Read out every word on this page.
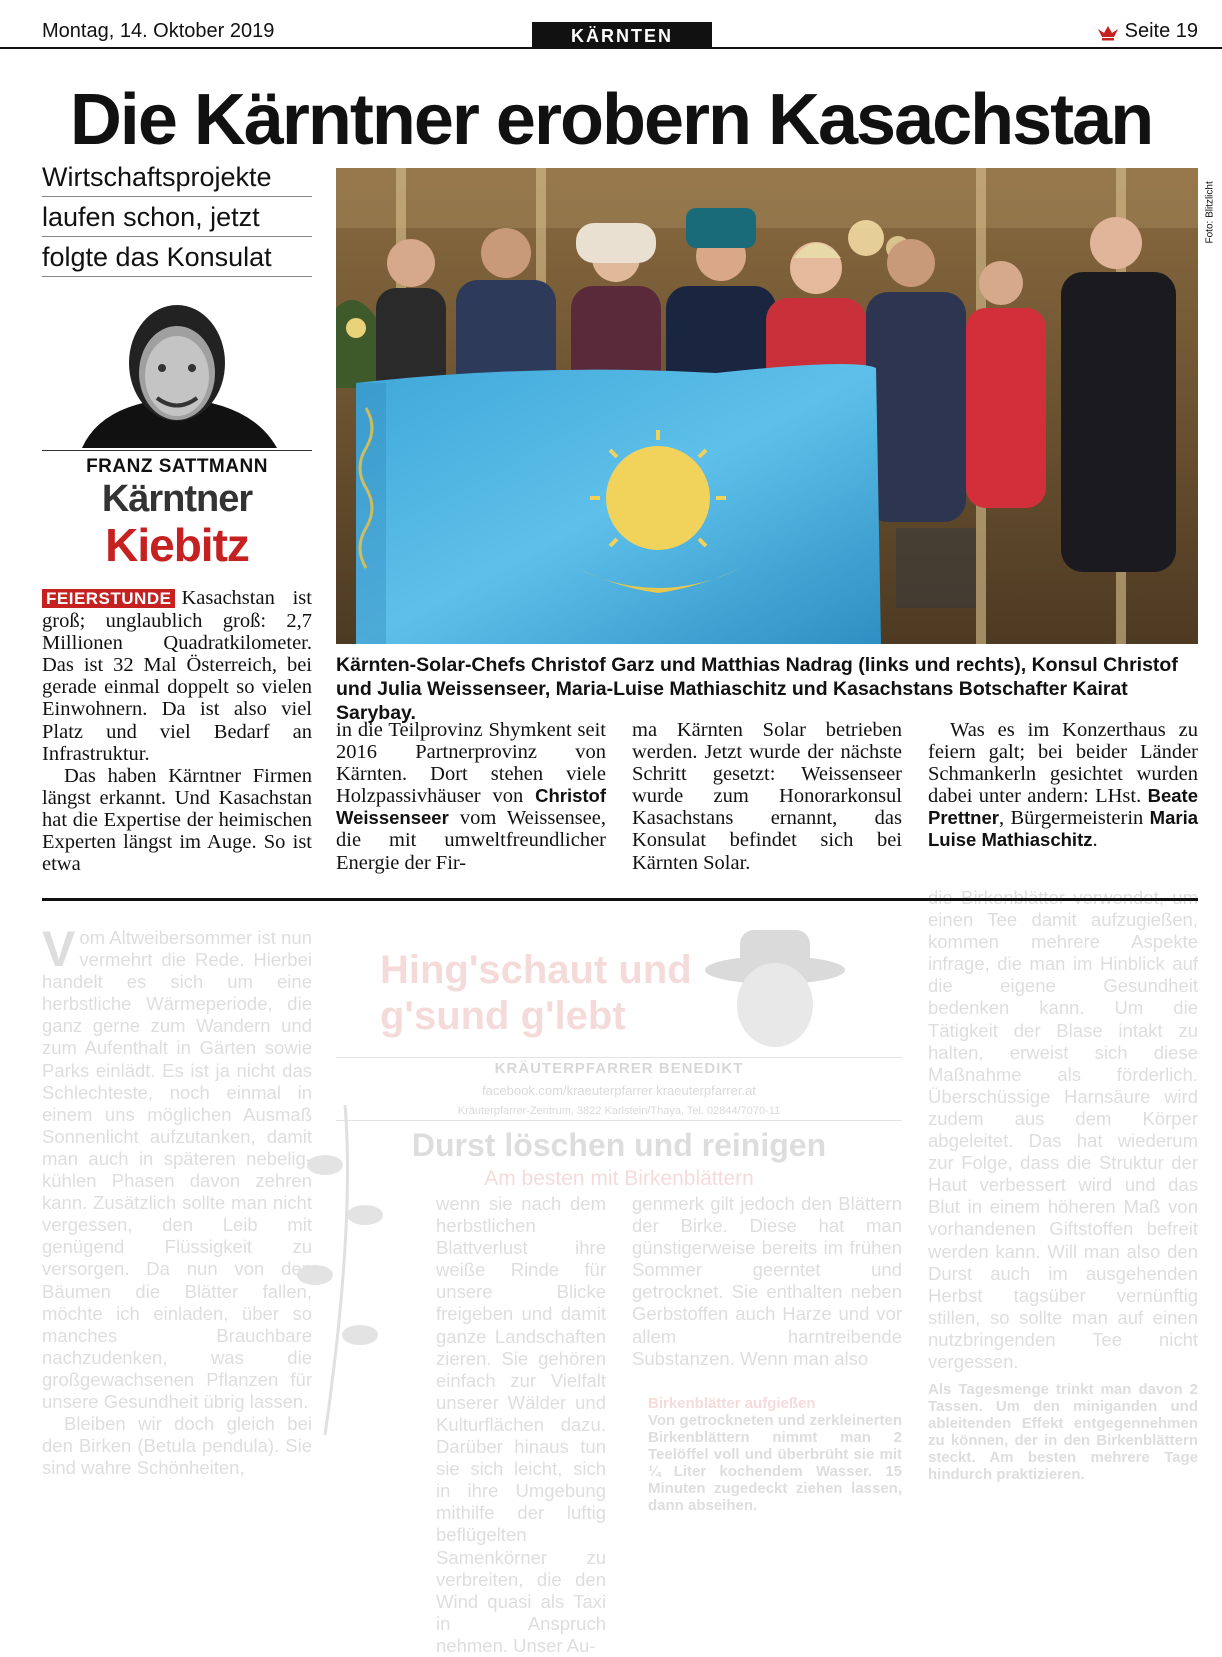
Montag, 14. Oktober 2019	KÄRNTEN	Seite 19
Die Kärntner erobern Kasachstan
Wirtschaftsprojekte
laufen schon, jetzt
folgte das Konsulat
Foto: Blitzlicht
Kärnten-Solar-Chefs Christof Garz und Matthias Nadrag (links und rechts), Konsul Christof und Julia Weissenseer, Maria-Luise Mathiaschitz und Kasachstans Botschafter Kairat Sarybay.
FRANZ SATTMANN
Kärntner
Kiebitz

FEIERSTUNDE Kasachstan ist groß; unglaublich groß: 2,7 Millionen Quadratkilometer. Das ist 32 Mal Österreich, bei gerade einmal doppelt so vielen Einwohnern. Da ist also viel Platz und viel Bedarf an Infrastruktur.

Das haben Kärntner Firmen längst erkannt. Und Kasachstan hat die Expertise der heimischen Experten längst im Auge. So ist etwa

in die Teilprovinz Shymkent seit 2016 Partnerprovinz von Kärnten. Dort stehen viele Holzpassivhäuser von Christof Weissenseer vom Weissensee, die mit umweltfreundlicher Energie der Fir-

ma Kärnten Solar betrieben werden. Jetzt wurde der nächste Schritt gesetzt: Weissenseer wurde zum Honorarkonsul Kasachstans ernannt, das Konsulat befindet sich bei Kärnten Solar.

Was es im Konzerthaus zu feiern galt; bei beider Länder Schmankerln gesichtet wurden dabei unter andern: LHst. Beate Prettner, Bürgermeisterin Maria Luise Mathiaschitz.

Vom Altweibersommer ist nun vermehrt die Rede. Hierbei handelt es sich um eine herbstliche Wärmeperiode, die ganz gerne zum Wandern und zum Aufenthalt in Gärten sowie Parks einlädt. Es ist ja nicht das Schlechteste, noch einmal in einem uns möglichen Ausmaß Sonnenlicht aufzutanken, damit man auch in späteren nebelig-kühlen Phasen davon zehren kann. Zusätzlich sollte man nicht vergessen, den Leib mit genügend Flüssigkeit zu versorgen. Da nun von den Bäumen die Blätter fallen, möchte ich einladen, über so manches Brauchbare nachzudenken, was die großgewachsenen Pflanzen für unsere Gesundheit übrig lassen.

Bleiben wir doch gleich bei den Birken (Betula pendula). Sie sind wahre Schönheiten,

Hing'schaut und
g'sund g'lebt
KRÄUTERPFARRER BENEDIKT
facebook.com/kraeuterpfarrer kraeuterpfarrer.at
Kräuterpfarrer-Zentrum, 3822 Karlstein/Thaya, Tel. 02844/7070-11
Durst löschen und reinigen
Am besten mit Birkenblättern

wenn sie nach dem herbstlichen Blattverlust ihre weiße Rinde für unsere Blicke freigeben und damit ganze Landschaften zieren. Sie gehören einfach zur Vielfalt unserer Wälder und Kulturflächen dazu. Darüber hinaus tun sie sich leicht, sich in ihre Umgebung mithilfe der luftig beflügelten Samenkörner zu verbreiten, die den Wind quasi als Taxi in Anspruch nehmen. Unser Au-

genmerk gilt jedoch den Blättern der Birke. Diese hat man günstigerweise bereits im frühen Sommer geerntet und getrocknet. Sie enthalten neben Gerbstoffen auch Harze und vor allem harntreibende Substanzen. Wenn man also

Birkenblätter aufgießen
Von getrockneten und zerkleinerten Birkenblättern nimmt man 2 Teelöffel voll und überbrüht sie mit ¼ Liter kochendem Wasser. 15 Minuten zugedeckt ziehen lassen, dann abseihen.

die Birkenblätter verwendet, um einen Tee damit aufzugießen, kommen mehrere Aspekte infrage, die man im Hinblick auf die eigene Gesundheit bedenken kann. Um die Tätigkeit der Blase intakt zu halten, erweist sich diese Maßnahme als förderlich. Überschüssige Harnsäure wird zudem aus dem Körper abgeleitet. Das hat wiederum zur Folge, dass die Struktur der Haut verbessert wird und das Blut in einem höheren Maß von vorhandenen Giftstoffen befreit werden kann. Will man also den Durst auch im ausgehenden Herbst tagsüber vernünftig stillen, so sollte man auf einen nutzbringenden Tee nicht vergessen.

Als Tagesmenge trinkt man davon 2 Tassen. Um den miniganden und ableitenden Effekt entgegennehmen zu können, der in den Birkenblättern steckt. Am besten mehrere Tage hindurch praktizieren.
